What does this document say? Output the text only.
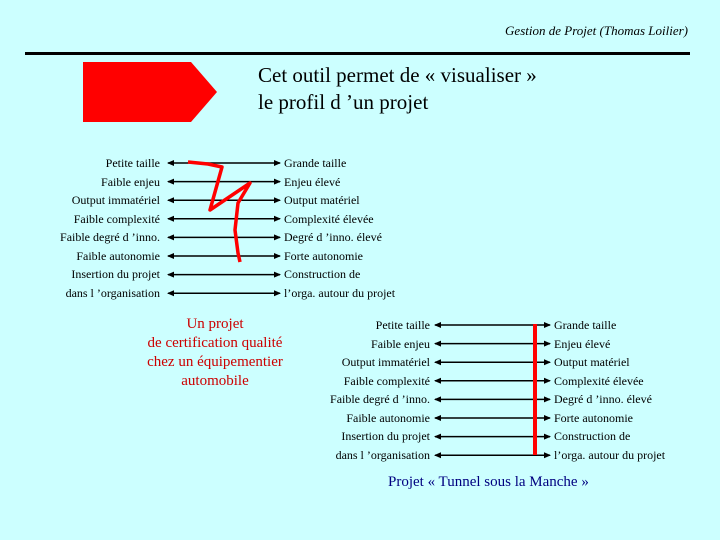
Gestion de Projet (Thomas Loilier)
Cet outil permet de « visualiser »
le profil d ’un projet
Petite taille
Faible enjeu
Output immatériel
Faible complexité
Faible degré d ’inno.
Faible autonomie
Insertion du projet
dans l ’organisation
Grande taille
Enjeu élevé
Output matériel
Complexité élevée
Degré d ’inno. élevé
Forte autonomie
Construction de
l’orga. autour du projet
Petite taille
Faible enjeu
Output immatériel
Faible complexité
Faible degré d ’inno.
Faible autonomie
Insertion du projet
dans l ’organisation
Grande taille
Enjeu élevé
Output matériel
Complexité élevée
Degré d ’inno. élevé
Forte autonomie
Construction de
l’orga. autour du projet
Un projet
de certification qualité
chez un équipementier
automobile
Projet « Tunnel sous la Manche »
